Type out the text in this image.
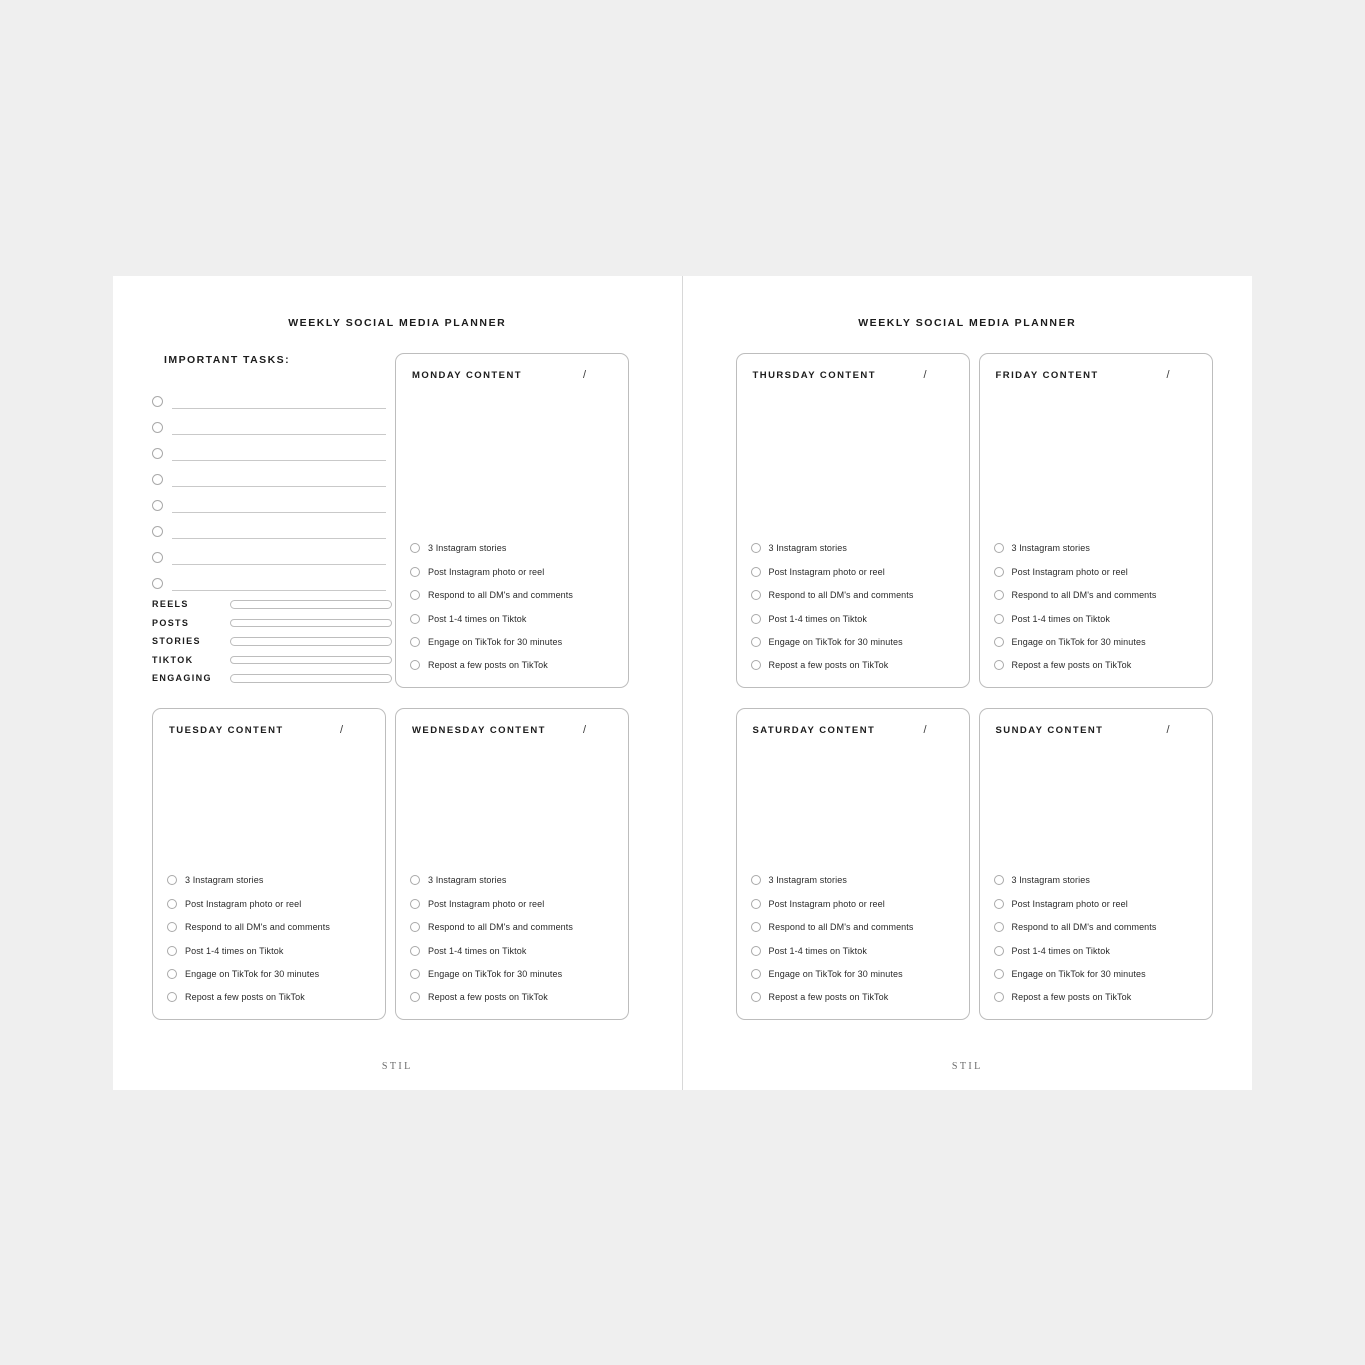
WEEKLY SOCIAL MEDIA PLANNER
IMPORTANT TASKS:
REELS
POSTS
STORIES
TIKTOK
ENGAGING
MONDAY CONTENT	/
3 Instagram stories
Post Instagram photo or reel
Respond to all DM's and comments
Post 1-4 times on Tiktok
Engage on TikTok for 30 minutes
Repost a few posts on TikTok
TUESDAY CONTENT	/
3 Instagram stories
Post Instagram photo or reel
Respond to all DM's and comments
Post 1-4 times on Tiktok
Engage on TikTok for 30 minutes
Repost a few posts on TikTok
WEDNESDAY CONTENT	/
3 Instagram stories
Post Instagram photo or reel
Respond to all DM's and comments
Post 1-4 times on Tiktok
Engage on TikTok for 30 minutes
Repost a few posts on TikTok
STIL
WEEKLY SOCIAL MEDIA PLANNER
THURSDAY CONTENT	/
3 Instagram stories
Post Instagram photo or reel
Respond to all DM's and comments
Post 1-4 times on Tiktok
Engage on TikTok for 30 minutes
Repost a few posts on TikTok
FRIDAY CONTENT	/
3 Instagram stories
Post Instagram photo or reel
Respond to all DM's and comments
Post 1-4 times on Tiktok
Engage on TikTok for 30 minutes
Repost a few posts on TikTok
SATURDAY CONTENT	/
3 Instagram stories
Post Instagram photo or reel
Respond to all DM's and comments
Post 1-4 times on Tiktok
Engage on TikTok for 30 minutes
Repost a few posts on TikTok
SUNDAY CONTENT	/
3 Instagram stories
Post Instagram photo or reel
Respond to all DM's and comments
Post 1-4 times on Tiktok
Engage on TikTok for 30 minutes
Repost a few posts on TikTok
STIL
